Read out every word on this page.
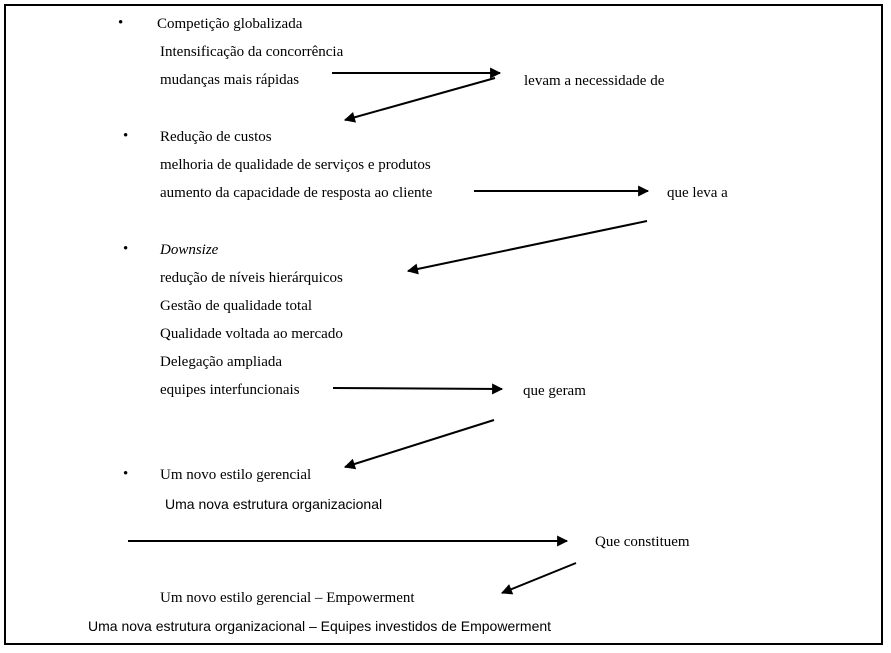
• Competição globalizada
Intensificação da concorrência
mudanças mais rápidas	levam a necessidade de
• Redução de custos
melhoria de qualidade de serviços e produtos
aumento da capacidade de resposta ao cliente	que leva a
• Downsize
redução de níveis hierárquicos
Gestão de qualidade total
Qualidade voltada ao mercado
Delegação ampliada
equipes interfuncionais	que geram
• Um novo estilo gerencial
Uma nova estrutura organizacional
Que constituem
Um novo estilo gerencial – Empowerment
Uma nova estrutura organizacional – Equipes investidos de Empowerment
